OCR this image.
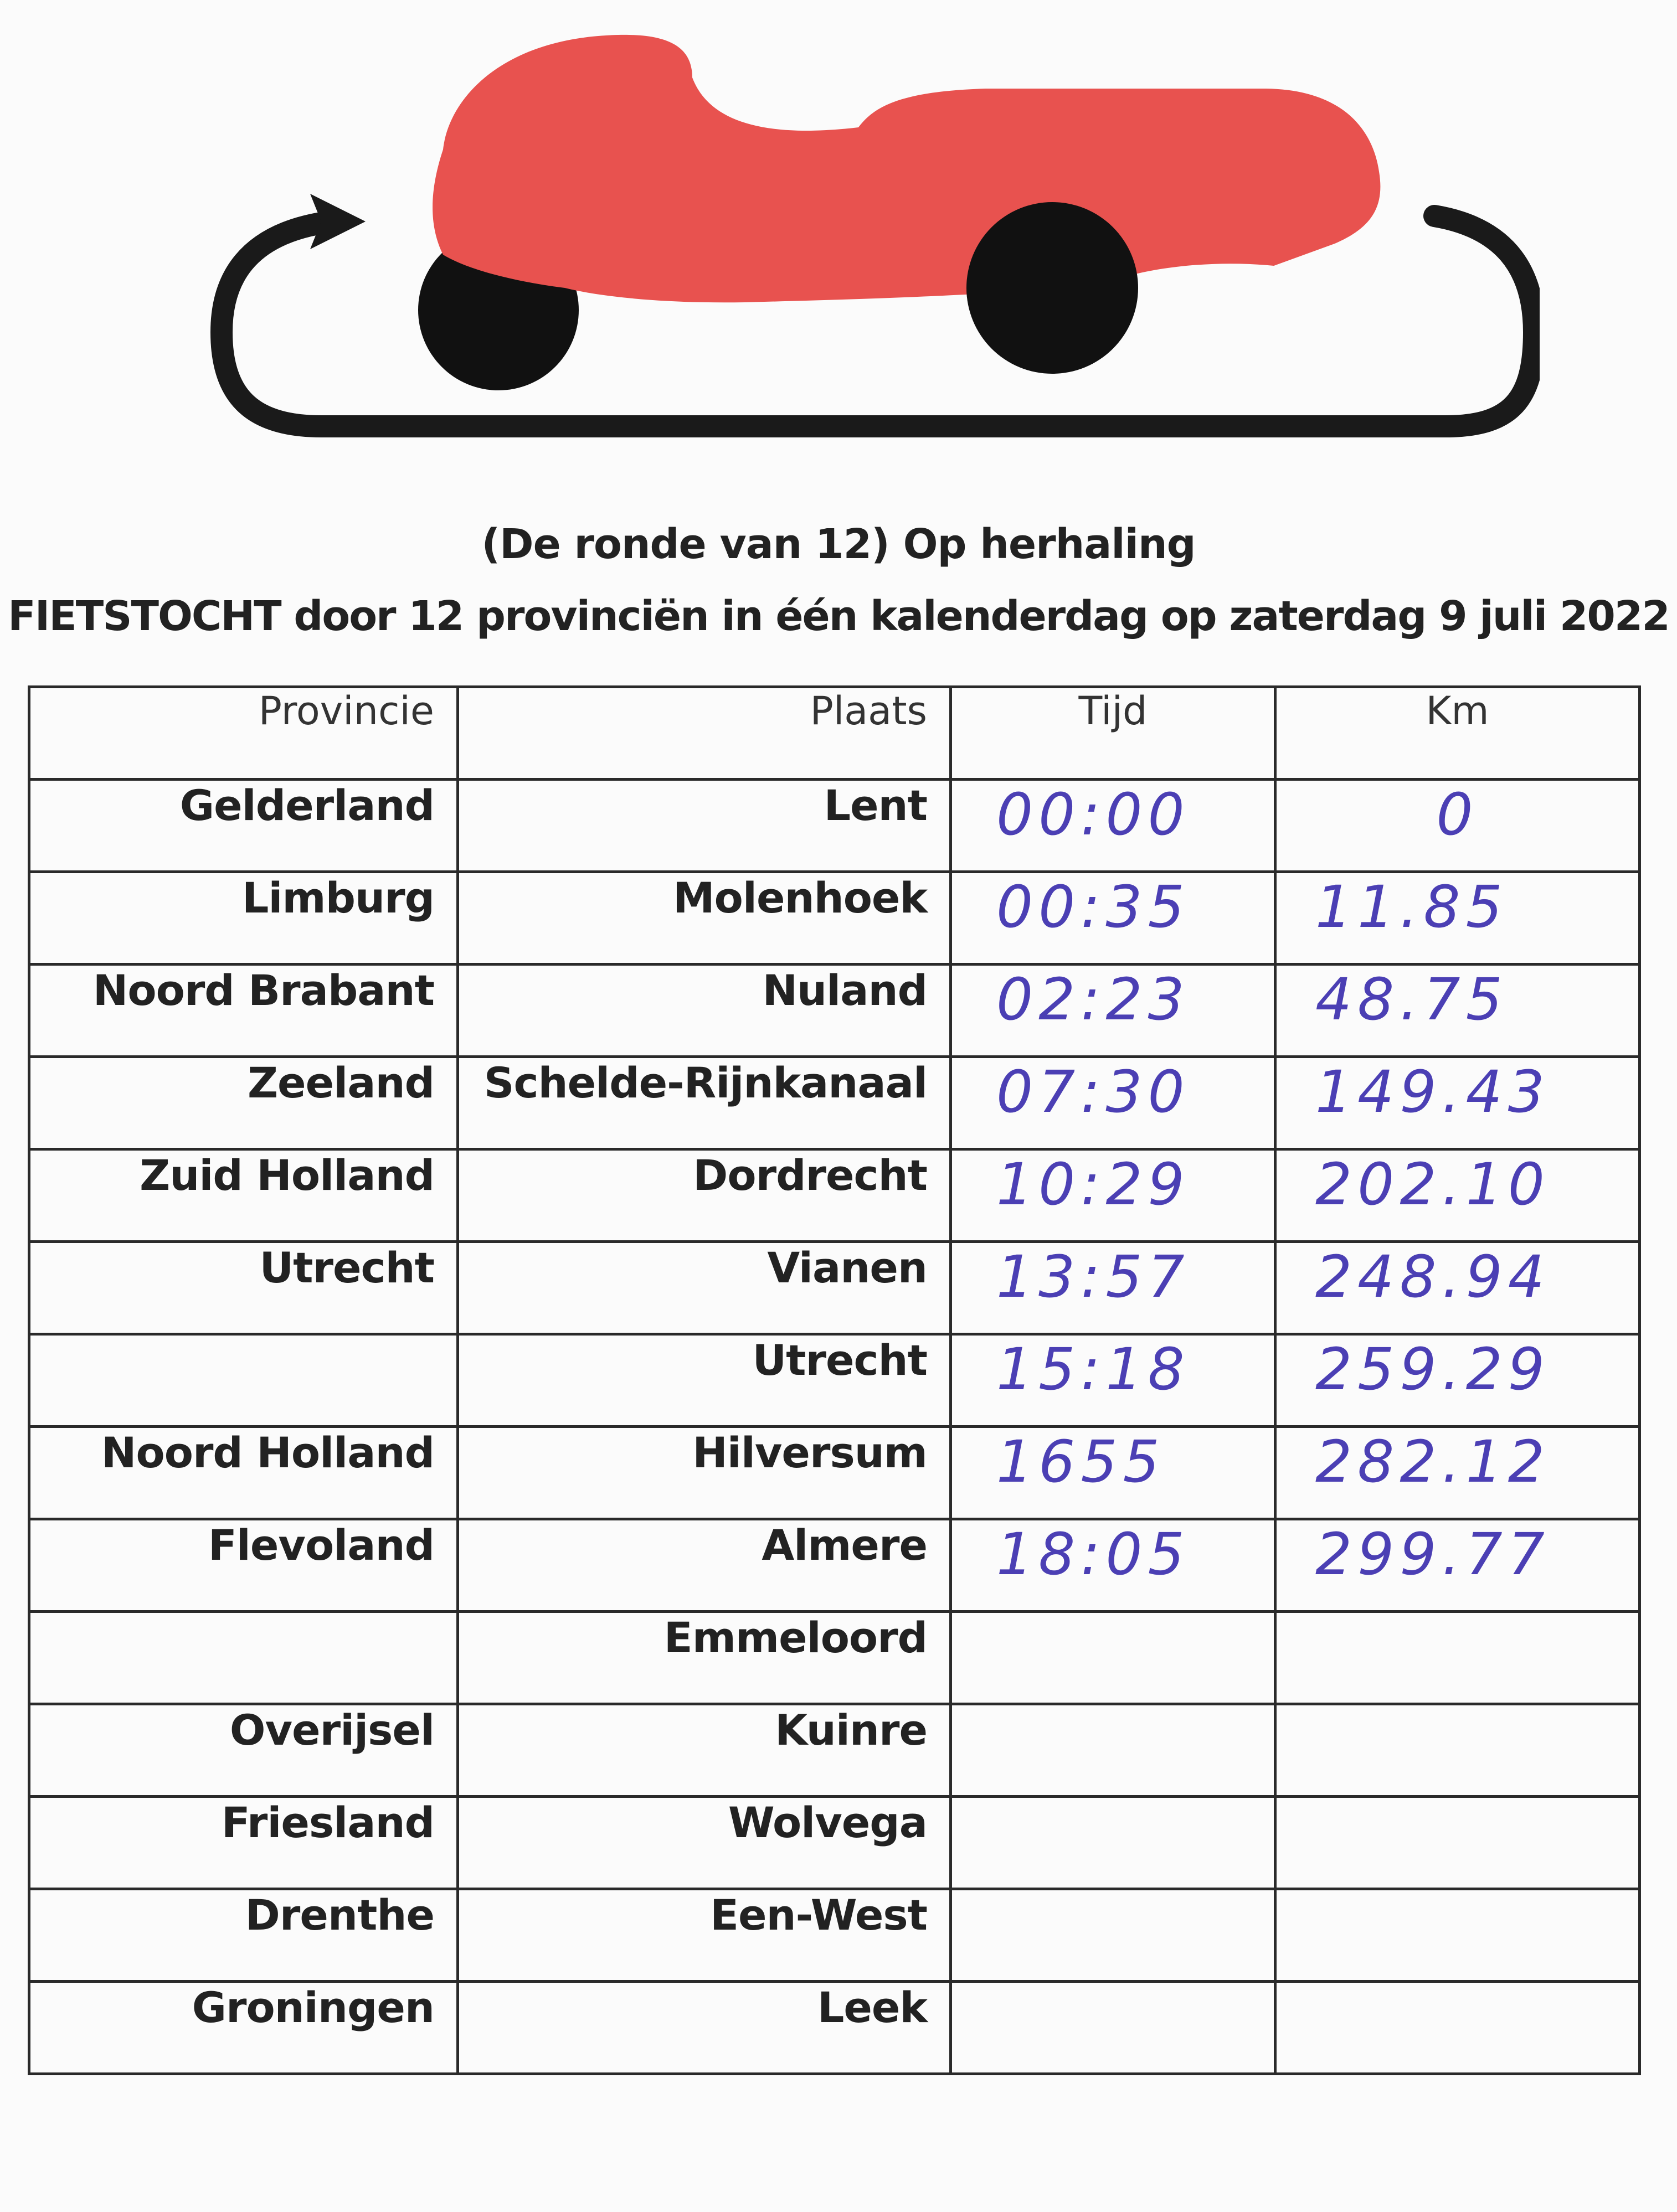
(De ronde van 12) Op herhaling
FIETSTOCHT door 12 provinciën in één kalenderdag op zaterdag 9 juli 2022
Provincie	Plaats	Tijd	Km
Gelderland	Lent	00:00	0
Limburg	Molenhoek	00:35	11.85
Noord Brabant	Nuland	02:23	48.75
Zeeland	Schelde-Rijnkanaal	07:30	149.43
Zuid Holland	Dordrecht	10:29	202.10
Utrecht	Vianen	13:57	248.94
	Utrecht	15:18	259.29
Noord Holland	Hilversum	1655	282.12
Flevoland	Almere	18:05	299.77
	Emmeloord		
Overijsel	Kuinre		
Friesland	Wolvega		
Drenthe	Een-West		
Groningen	Leek		
